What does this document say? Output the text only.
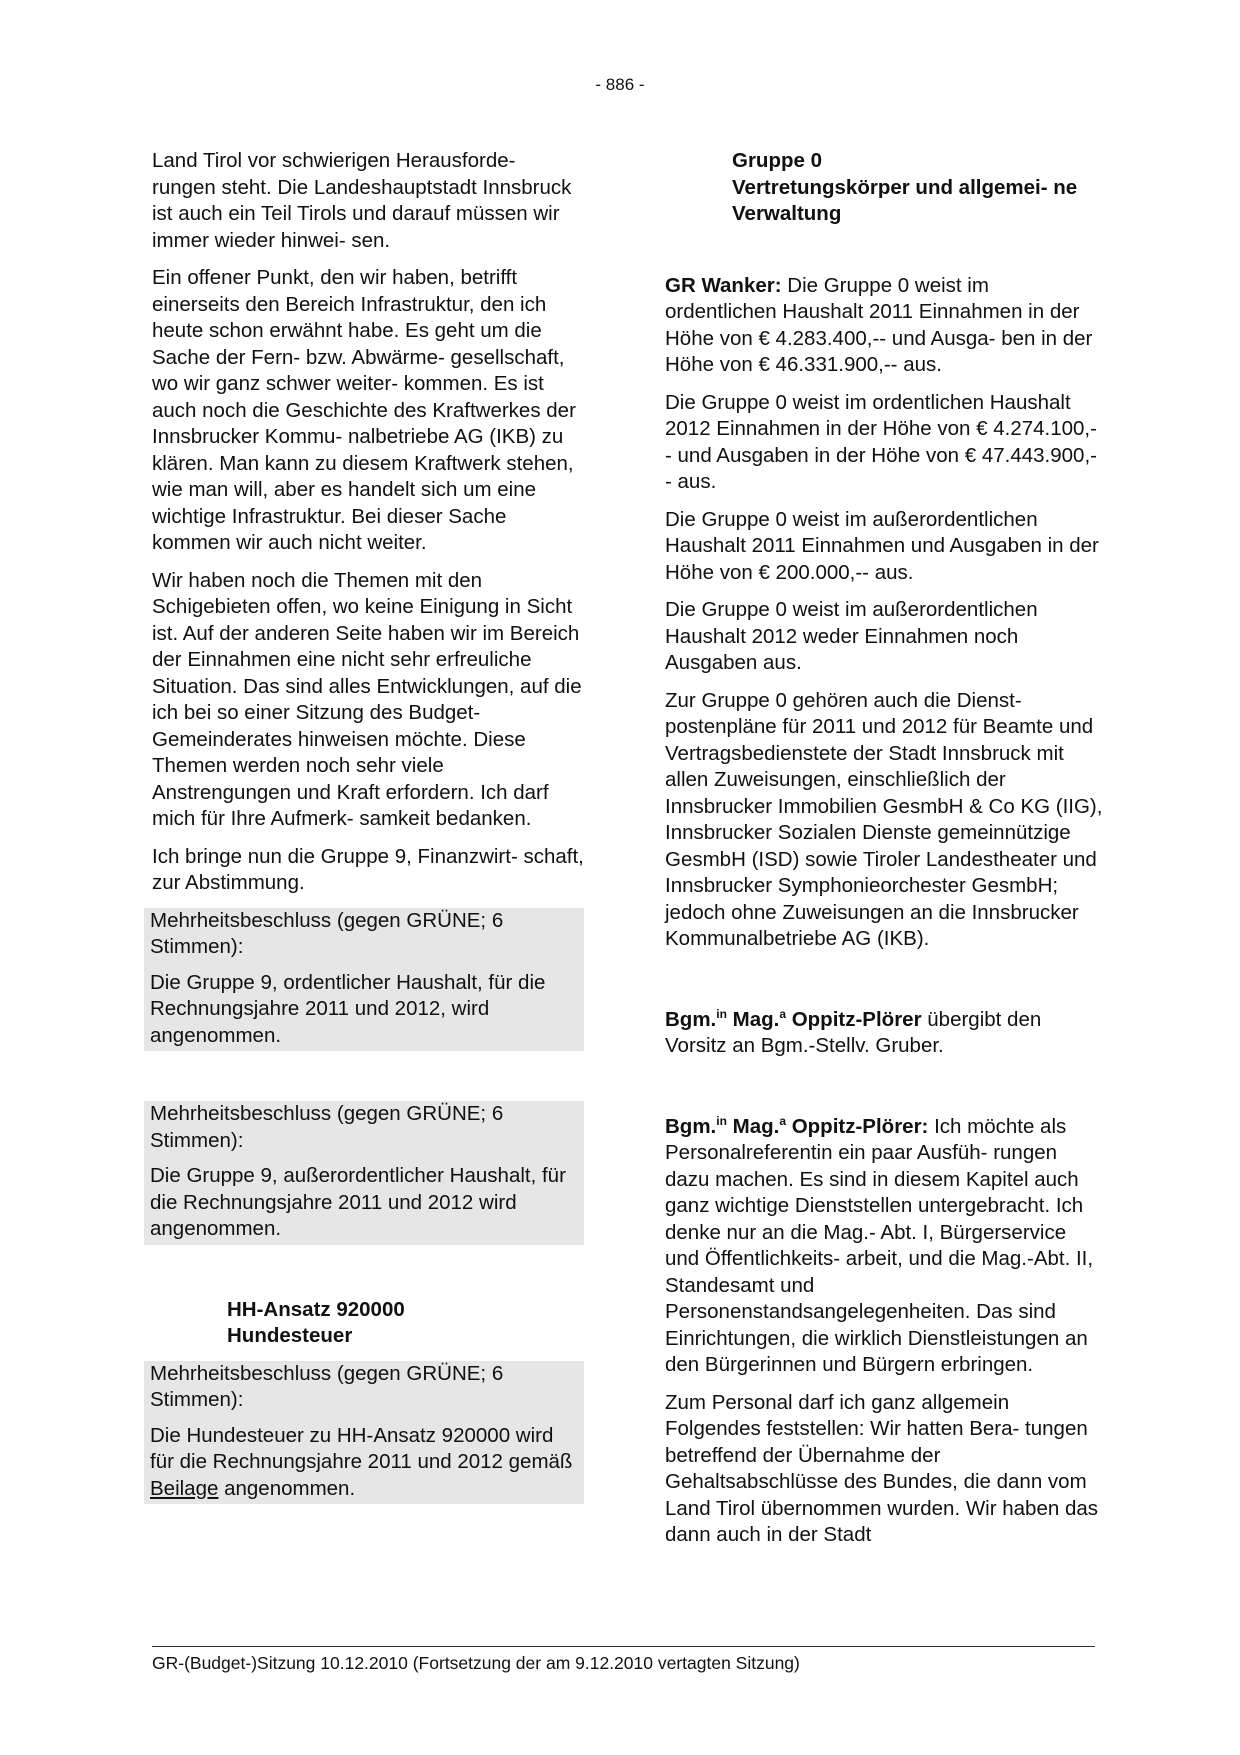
- 886 -

Land Tirol vor schwierigen Herausforde- rungen steht. Die Landeshauptstadt Innsbruck ist auch ein Teil Tirols und darauf müssen wir immer wieder hinwei- sen.

Ein offener Punkt, den wir haben, betrifft einerseits den Bereich Infrastruktur, den ich heute schon erwähnt habe. Es geht um die Sache der Fern- bzw. Abwärme- gesellschaft, wo wir ganz schwer weiter- kommen. Es ist auch noch die Geschichte des Kraftwerkes der Innsbrucker Kommu- nalbetriebe AG (IKB) zu klären. Man kann zu diesem Kraftwerk stehen, wie man will, aber es handelt sich um eine wichtige Infrastruktur. Bei dieser Sache kommen wir auch nicht weiter.

Wir haben noch die Themen mit den Schigebieten offen, wo keine Einigung in Sicht ist. Auf der anderen Seite haben wir im Bereich der Einnahmen eine nicht sehr erfreuliche Situation. Das sind alles Entwicklungen, auf die ich bei so einer Sitzung des Budget-Gemeinderates hinweisen möchte. Diese Themen werden noch sehr viele Anstrengungen und Kraft erfordern. Ich darf mich für Ihre Aufmerk- samkeit bedanken.

Ich bringe nun die Gruppe 9, Finanzwirt- schaft, zur Abstimmung.

Mehrheitsbeschluss (gegen GRÜNE; 6 Stimmen):

Die Gruppe 9, ordentlicher Haushalt, für die Rechnungsjahre 2011 und 2012, wird angenommen.

Mehrheitsbeschluss (gegen GRÜNE; 6 Stimmen):

Die Gruppe 9, außerordentlicher Haushalt, für die Rechnungsjahre 2011 und 2012 wird angenommen.

HH-Ansatz 920000
Hundesteuer

Mehrheitsbeschluss (gegen GRÜNE; 6 Stimmen):

Die Hundesteuer zu HH-Ansatz 920000 wird für die Rechnungsjahre 2011 und 2012 gemäß Beilage angenommen.

Gruppe 0
Vertretungskörper und allgemei- ne Verwaltung

GR Wanker: Die Gruppe 0 weist im ordentlichen Haushalt 2011 Einnahmen in der Höhe von € 4.283.400,-- und Ausga- ben in der Höhe von € 46.331.900,-- aus.

Die Gruppe 0 weist im ordentlichen Haushalt 2012 Einnahmen in der Höhe von € 4.274.100,-- und Ausgaben in der Höhe von € 47.443.900,-- aus.

Die Gruppe 0 weist im außerordentlichen Haushalt 2011 Einnahmen und Ausgaben in der Höhe von € 200.000,-- aus.

Die Gruppe 0 weist im außerordentlichen Haushalt 2012 weder Einnahmen noch Ausgaben aus.

Zur Gruppe 0 gehören auch die Dienst- postenpläne für 2011 und 2012 für Beamte und Vertragsbedienstete der Stadt Innsbruck mit allen Zuweisungen, einschließlich der Innsbrucker Immobilien GesmbH & Co KG (IIG), Innsbrucker Sozialen Dienste gemeinnützige GesmbH (ISD) sowie Tiroler Landestheater und Innsbrucker Symphonieorchester GesmbH; jedoch ohne Zuweisungen an die Innsbrucker Kommunalbetriebe AG (IKB).

Bgm.$^{in}$ Mag.$^a$ Oppitz-Plörer übergibt den Vorsitz an Bgm.-Stellv. Gruber.

Bgm.$^{in}$ Mag.$^a$ Oppitz-Plörer: Ich möchte als Personalreferentin ein paar Ausfüh- rungen dazu machen. Es sind in diesem Kapitel auch ganz wichtige Dienststellen untergebracht. Ich denke nur an die Mag.- Abt. I, Bürgerservice und Öffentlichkeits- arbeit, und die Mag.-Abt. II, Standesamt und Personenstandsangelegenheiten. Das sind Einrichtungen, die wirklich Dienstleistungen an den Bürgerinnen und Bürgern erbringen.

Zum Personal darf ich ganz allgemein Folgendes feststellen: Wir hatten Bera- tungen betreffend der Übernahme der Gehaltsabschlüsse des Bundes, die dann vom Land Tirol übernommen wurden. Wir haben das dann auch in der Stadt

GR-(Budget-)Sitzung 10.12.2010 (Fortsetzung der am 9.12.2010 vertagten Sitzung)
